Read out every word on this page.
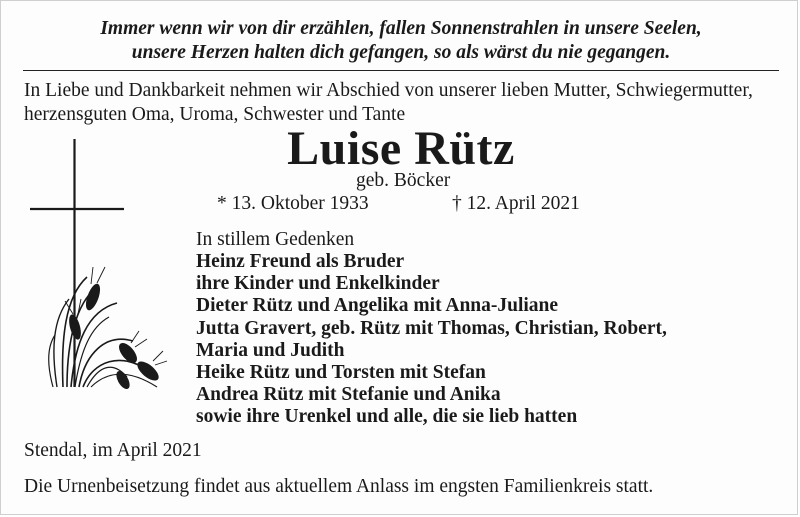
Immer wenn wir von dir erzählen, fallen Sonnenstrahlen in unsere Seelen,
unsere Herzen halten dich gefangen, so als wärst du nie gegangen.
In Liebe und Dankbarkeit nehmen wir Abschied von unserer lieben Mutter, Schwiegermutter,
herzensguten Oma, Uroma, Schwester und Tante
Luise Rütz
geb. Böcker
* 13. Oktober 1933	† 12. April 2021
In stillem Gedenken
Heinz Freund als Bruder
ihre Kinder und Enkelkinder
Dieter Rütz und Angelika mit Anna-Juliane
Jutta Gravert, geb. Rütz mit Thomas, Christian, Robert,
Maria und Judith
Heike Rütz und Torsten mit Stefan
Andrea Rütz mit Stefanie und Anika
sowie ihre Urenkel und alle, die sie lieb hatten
Stendal, im April 2021
Die Urnenbeisetzung findet aus aktuellem Anlass im engsten Familienkreis statt.
